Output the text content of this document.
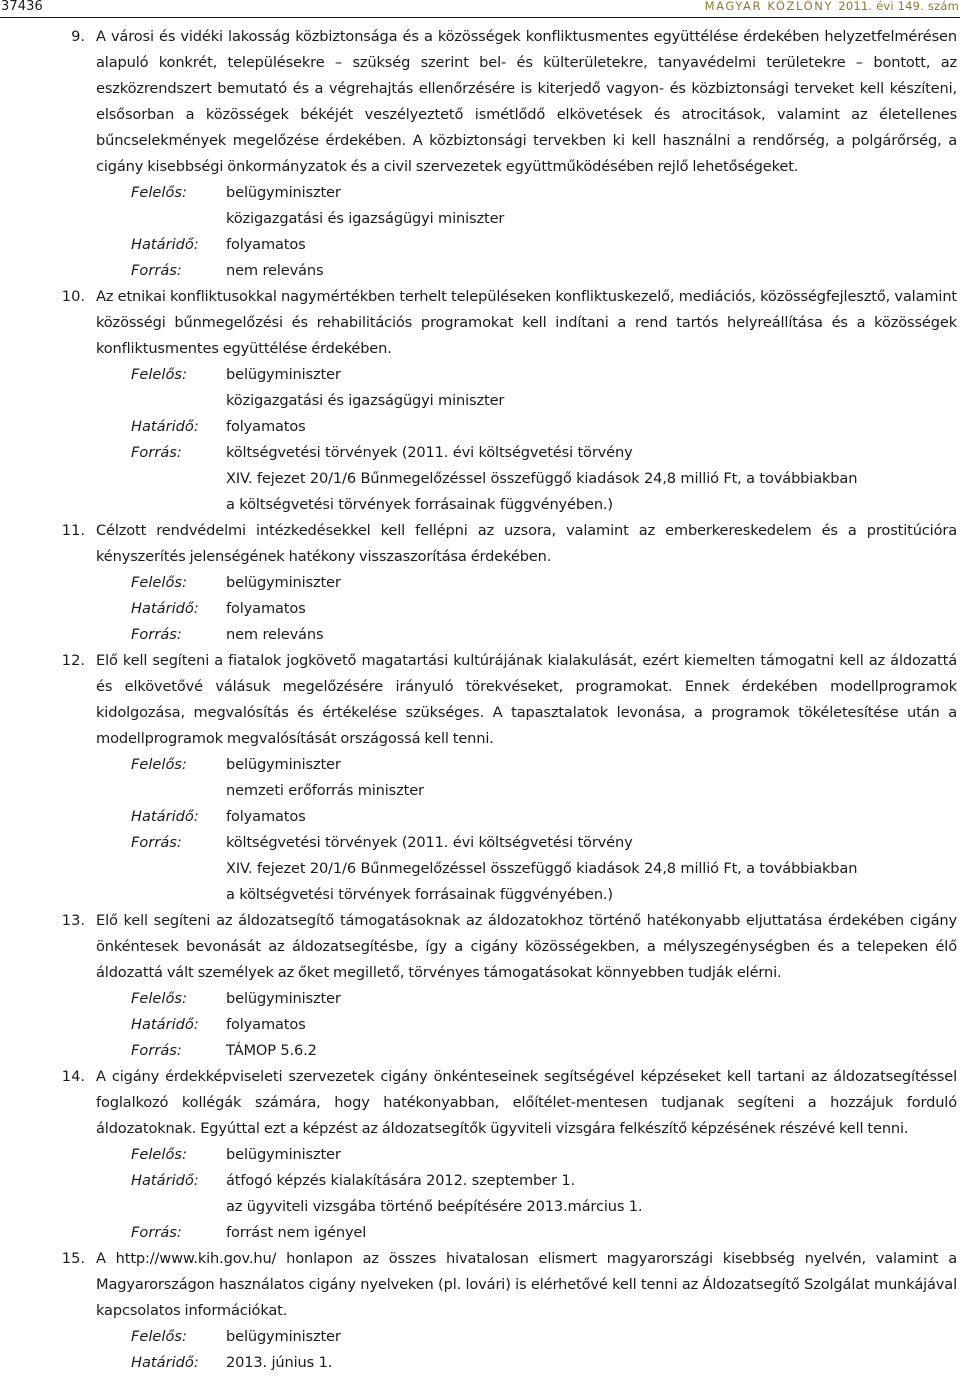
37436	MAGYAR KÖZLÖNY 2011. évi 149. szám
9. A városi és vidéki lakosság közbiztonsága és a közösségek konfliktusmentes együttélése érdekében helyzetfelmérésen alapuló konkrét, településekre – szükség szerint bel- és külterületekre, tanyavédelmi területekre – bontott, az eszközrendszert bemutató és a végrehajtás ellenőrzésére is kiterjedő vagyon- és közbiztonsági terveket kell készíteni, elsősorban a közösségek békéjét veszélyeztető ismétlődő elkövetések és atrocitások, valamint az életellenes bűncselekmények megelőzése érdekében. A közbiztonsági tervekben ki kell használni a rendőrség, a polgárőrség, a cigány kisebbségi önkormányzatok és a civil szervezetek együttműködésében rejlő lehetőségeket.

Felelős:	belügyminiszter
közigazgatási és igazságügyi miniszter
Határidő: folyamatos
Forrás:	nem releváns
10. Az etnikai konfliktusokkal nagymértékben terhelt településeken konfliktuskezelő, mediációs, közösségfejlesztő, valamint közösségi bűnmegelőzési és rehabilitációs programokat kell indítani a rend tartós helyreállítása és a közösségek konfliktusmentes együttélése érdekében.

Felelős:	belügyminiszter
közigazgatási és igazságügyi miniszter
Határidő: folyamatos
Forrás:	költségvetési törvények (2011. évi költségvetési törvény
XIV. fejezet 20/1/6 Bűnmegelőzéssel összefüggő kiadások 24,8 millió Ft, a továbbiakban
a költségvetési törvények forrásainak függvényében.)
11. Célzott rendvédelmi intézkedésekkel kell fellépni az uzsora, valamint az emberkereskedelem és a prostitúcióra kényszerítés jelenségének hatékony visszaszorítása érdekében.

Felelős:	belügyminiszter
Határidő: folyamatos
Forrás:	nem releváns
12. Elő kell segíteni a fiatalok jogkövető magatartási kultúrájának kialakulását, ezért kiemelten támogatni kell az áldozattá és elkövetővé válásuk megelőzésére irányuló törekvéseket, programokat. Ennek érdekében modellprogramok kidolgozása, megvalósítás és értékelése szükséges. A tapasztalatok levonása, a programok tökéletesítése után a modellprogramok megvalósítását országossá kell tenni.

Felelős:	belügyminiszter
nemzeti erőforrás miniszter
Határidő: folyamatos
Forrás:	költségvetési törvények (2011. évi költségvetési törvény
XIV. fejezet 20/1/6 Bűnmegelőzéssel összefüggő kiadások 24,8 millió Ft, a továbbiakban
a költségvetési törvények forrásainak függvényében.)
13. Elő kell segíteni az áldozatsegítő támogatásoknak az áldozatokhoz történő hatékonyabb eljuttatása érdekében cigány önkéntesek bevonását az áldozatsegítésbe, így a cigány közösségekben, a mélyszegénységben és a telepeken élő áldozattá vált személyek az őket megillető, törvényes támogatásokat könnyebben tudják elérni.

Felelős:	belügyminiszter
Határidő: folyamatos
Forrás:	TÁMOP 5.6.2
14. A cigány érdekképviseleti szervezetek cigány önkénteseinek segítségével képzéseket kell tartani az áldozatsegítéssel foglalkozó kollégák számára, hogy hatékonyabban, előítélet-mentesen tudjanak segíteni a hozzájuk forduló áldozatoknak. Egyúttal ezt a képzést az áldozatsegítők ügyviteli vizsgára felkészítő képzésének részévé kell tenni.

Felelős:	belügyminiszter
Határidő: átfogó képzés kialakítására 2012. szeptember 1.
az ügyviteli vizsgába történő beépítésére 2013.március 1.
Forrás:	forrást nem igényel
15. A http://www.kih.gov.hu/ honlapon az összes hivatalosan elismert magyarországi kisebbség nyelvén, valamint a Magyarországon használatos cigány nyelveken (pl. lovári) is elérhetővé kell tenni az Áldozatsegítő Szolgálat munkájával kapcsolatos információkat.

Felelős:	belügyminiszter
Határidő: 2013. június 1.
